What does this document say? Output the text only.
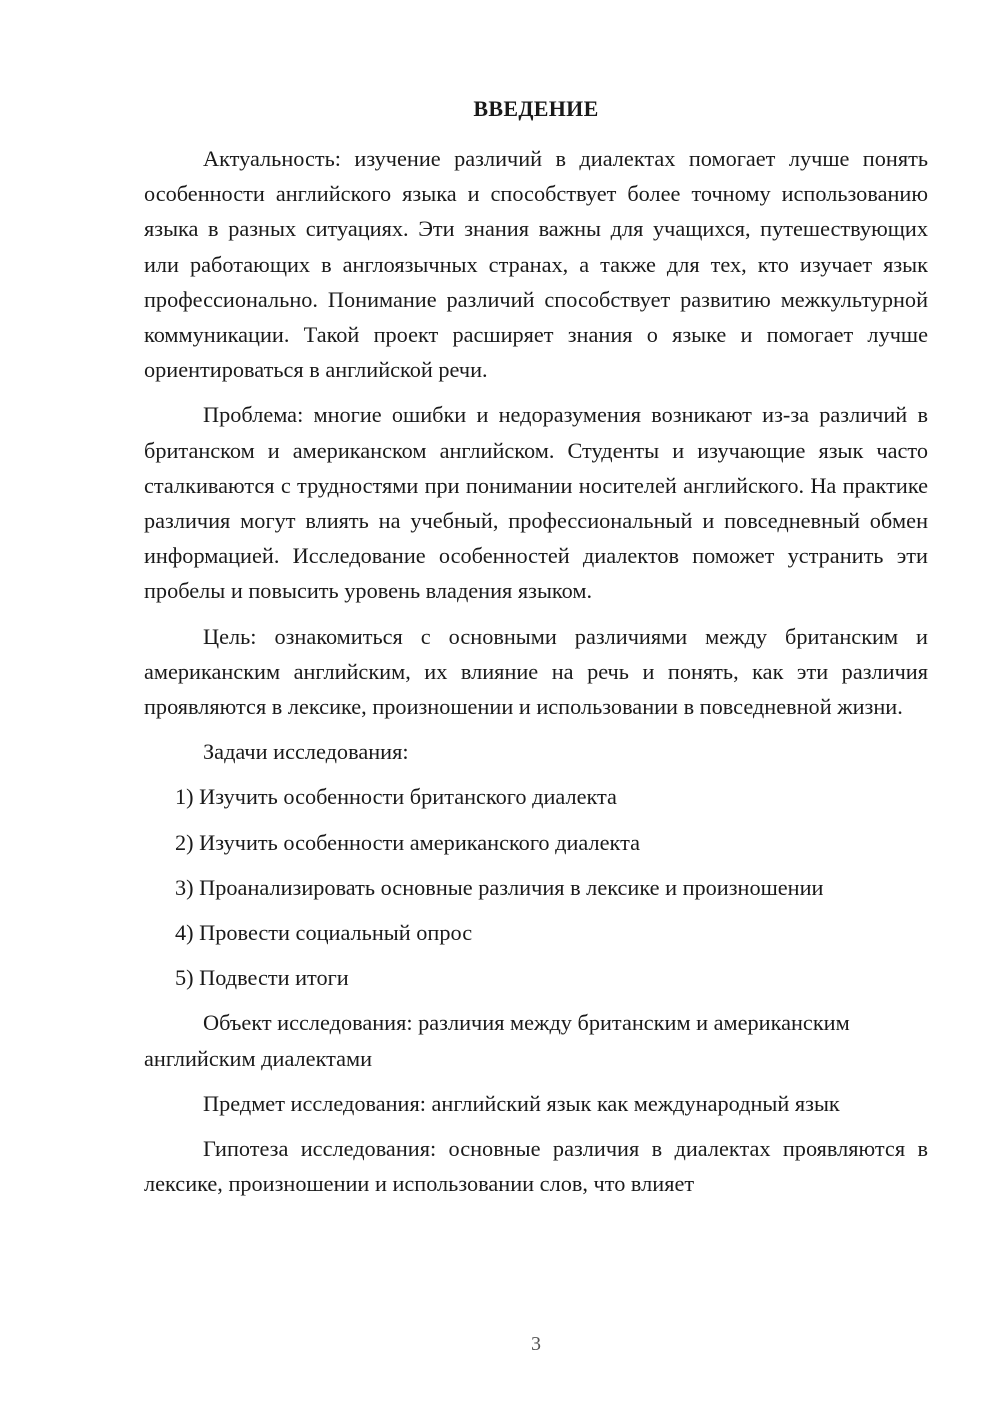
ВВЕДЕНИЕ

Актуальность: изучение различий в диалектах помогает лучше понять особенности английского языка и способствует более точному использованию языка в разных ситуациях. Эти знания важны для учащихся, путешествующих или работающих в англоязычных странах, а также для тех, кто изучает язык профессионально. Понимание различий способствует развитию межкультурной коммуникации. Такой проект расширяет знания о языке и помогает лучше ориентироваться в английской речи.

Проблема: многие ошибки и недоразумения возникают из-за различий в британском и американском английском. Студенты и изучающие язык часто сталкиваются с трудностями при понимании носителей английского. На практике различия могут влиять на учебный, профессиональный и повседневный обмен информацией. Исследование особенностей диалектов поможет устранить эти пробелы и повысить уровень владения языком.

Цель: ознакомиться с основными различиями между британским и американским английским, их влияние на речь и понять, как эти различия проявляются в лексике, произношении и использовании в повседневной жизни.

Задачи исследования:

1) Изучить особенности британского диалекта

2) Изучить особенности американского диалекта

3) Проанализировать основные различия в лексике и произношении

4) Провести социальный опрос

5) Подвести итоги

Объект исследования: различия между британским и американским английским диалектами

Предмет исследования: английский язык как международный язык

Гипотеза исследования: основные различия в диалектах проявляются в лексике, произношении и использовании слов, что влияет

3
